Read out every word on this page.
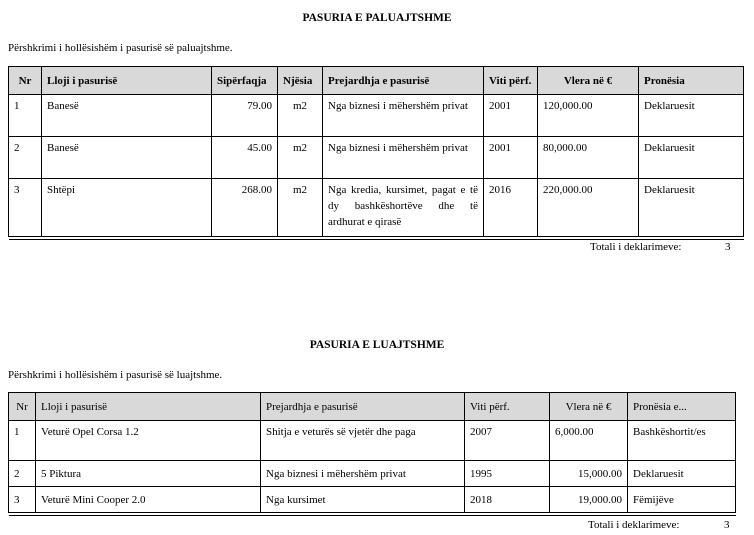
PASURIA E PALUAJTSHME
Përshkrimi i hollësishëm i pasurisë së paluajtshme.
Nr	Lloji i pasurisë	Sipërfaqja	Njësia	Prejardhja e pasurisë	Viti përf.	Vlera në €	Pronësia
1	Banesë	79.00	m2	Nga biznesi i mëhershëm privat	2001	120,000.00	Deklaruesit
2	Banesë	45.00	m2	Nga biznesi i mëhershëm privat	2001	80,000.00	Deklaruesit
3	Shtëpi	268.00	m2	Nga kredia, kursimet, pagat e të dy bashkëshortëve dhe të ardhurat e qirasë	2016	220,000.00	Deklaruesit

Totali i deklarimeve:	3
PASURIA E LUAJTSHME
Përshkrimi i hollësishëm i pasurisë së luajtshme.
Nr	Lloji i pasurisë	Prejardhja e pasurisë	Viti përf.	Vlera në €	Pronësia e...
1	Veturë Opel Corsa 1.2	Shitja e veturës së vjetër dhe paga	2007	6,000.00	Bashkëshortit/es
2	5 Piktura	Nga biznesi i mëhershëm privat	1995	15,000.00	Deklaruesit
3	Veturë Mini Cooper 2.0	Nga kursimet	2018	19,000.00	Fëmijëve

Totali i deklarimeve:	3
